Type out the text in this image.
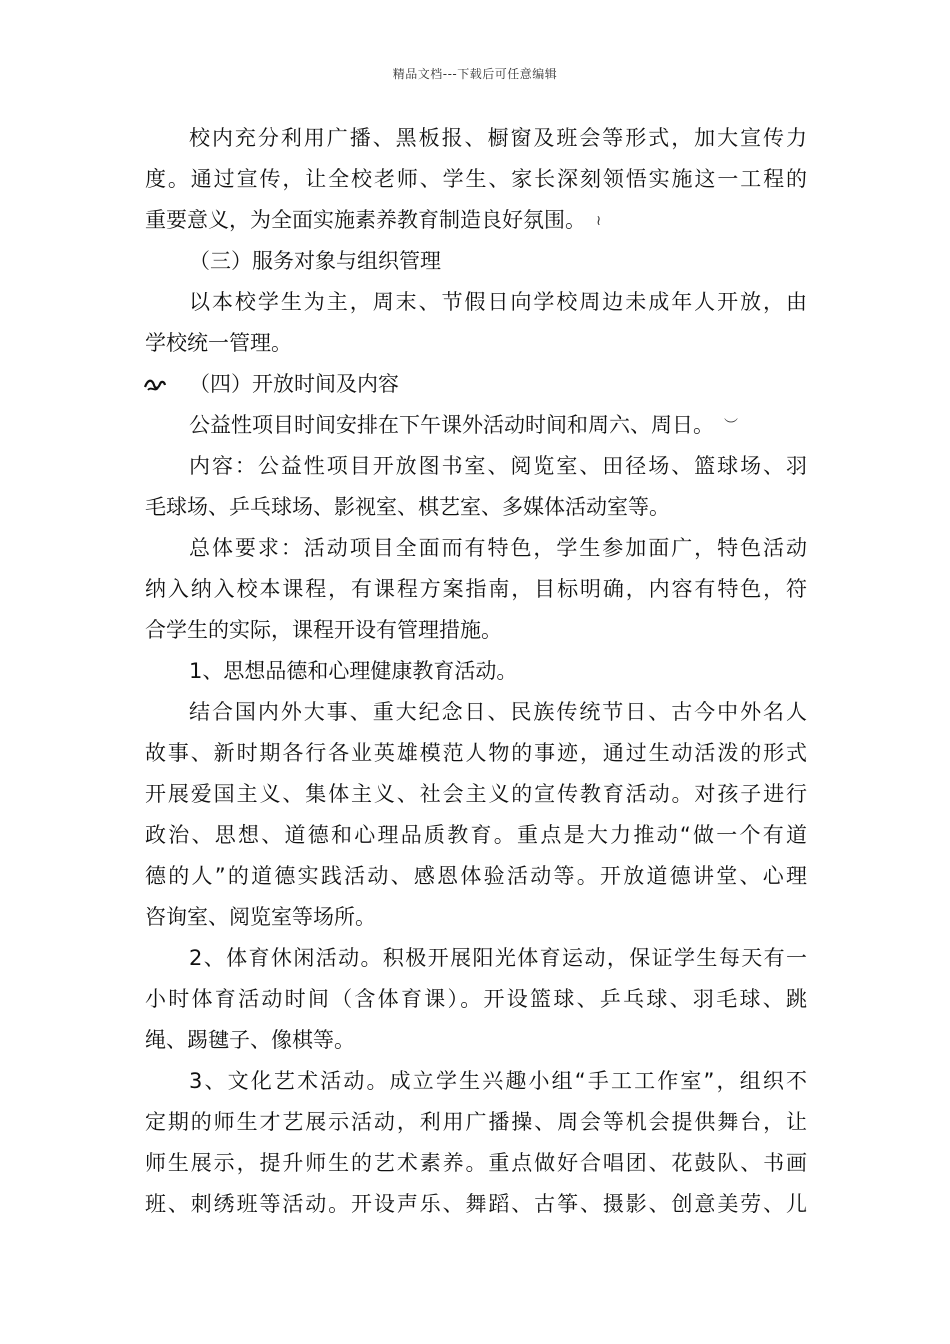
精品文档---下载后可任意编辑
校内充分利用广播、黑板报、橱窗及班会等形式，加大宣传力
度。通过宣传，让全校老师、学生、家长深刻领悟实施这一工程的
重要意义，为全面实施素养教育制造良好氛围。 ≀
（三）服务对象与组织管理
以本校学生为主，周末、节假日向学校周边未成年人开放，由
学校统一管理。
（四）开放时间及内容
公益性项目时间安排在下午课外活动时间和周六、周日。 ︶
内容：公益性项目开放图书室、阅览室、田径场、篮球场、羽
毛球场、乒乓球场、影视室、棋艺室、多媒体活动室等。
总体要求：活动项目全面而有特色，学生参加面广，特色活动
纳入纳入校本课程，有课程方案指南，目标明确，内容有特色，符
合学生的实际，课程开设有管理措施。
1、思想品德和心理健康教育活动。
结合国内外大事、重大纪念日、民族传统节日、古今中外名人
故事、新时期各行各业英雄模范人物的事迹，通过生动活泼的形式
开展爱国主义、集体主义、社会主义的宣传教育活动。对孩子进行
政治、思想、道德和心理品质教育。重点是大力推动“做一个有道
德的人”的道德实践活动、感恩体验活动等。开放道德讲堂、心理
咨询室、阅览室等场所。
2、体育休闲活动。积极开展阳光体育运动，保证学生每天有一
小时体育活动时间（含体育课）。开设篮球、乒乓球、羽毛球、跳
绳、踢毽子、像棋等。
3、文化艺术活动。成立学生兴趣小组“手工工作室”，组织不
定期的师生才艺展示活动，利用广播操、周会等机会提供舞台，让
师生展示，提升师生的艺术素养。重点做好合唱团、花鼓队、书画
班、刺绣班等活动。开设声乐、舞蹈、古筝、摄影、创意美劳、儿
